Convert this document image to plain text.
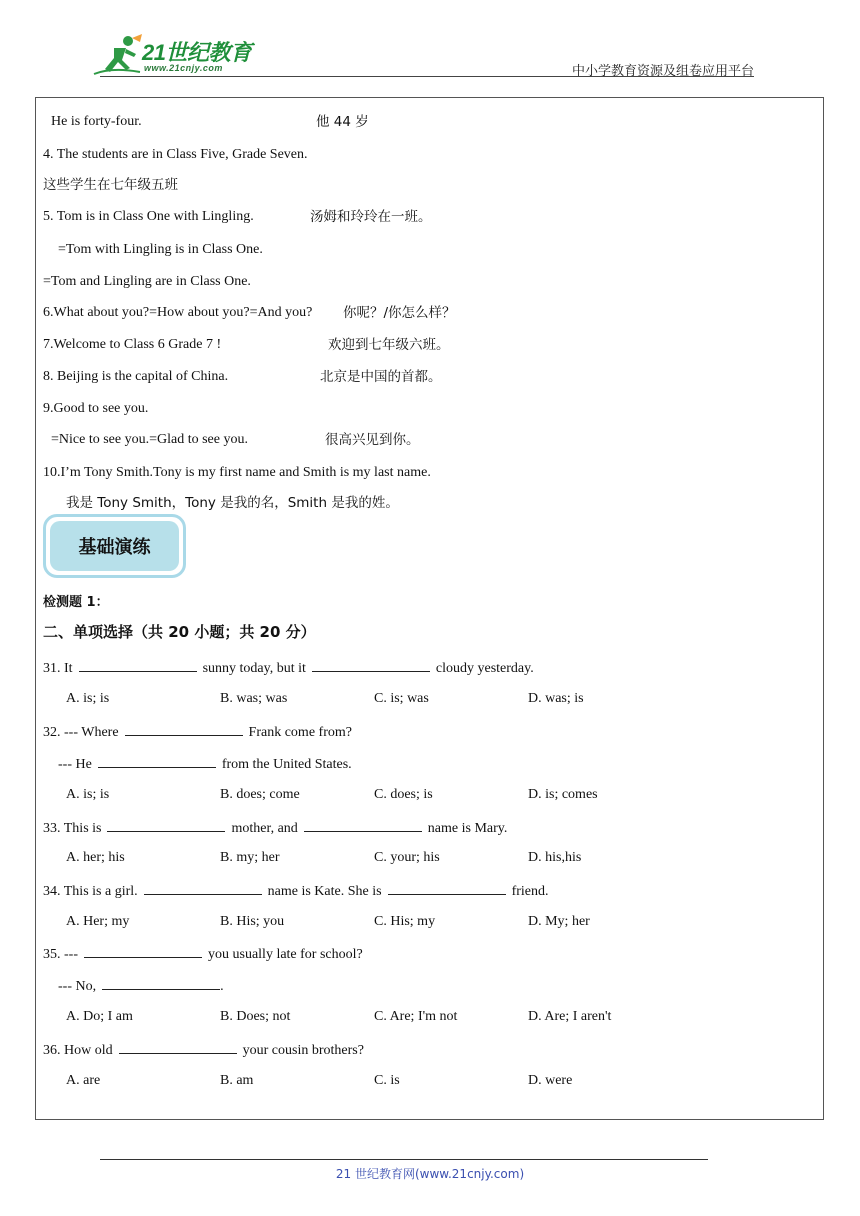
21世纪教育
www.21cnjy.com	中小学教育资源及组卷应用平台
He is forty-four.	他 44 岁
4. The students are in Class Five, Grade Seven.
这些学生在七年级五班
5. Tom is in Class One with Lingling.	汤姆和玲玲在一班。
=Tom with Lingling is in Class One.
=Tom and Lingling are in Class One.
6.What about you?=How about you?=And you? 你呢？/你怎么样？
7.Welcome to Class 6 Grade 7 !	欢迎到七年级六班。
8. Beijing is the capital of China.	北京是中国的首都。
9.Good to see you.
=Nice to see you.=Glad to see you.	很高兴见到你。
10.I’m Tony Smith.Tony is my first name and Smith is my last name.
我是 Tony Smith，Tony 是我的名，Smith 是我的姓。
基础演练
检测题 1：
二、单项选择（共 20 小题；共 20 分）
31. It	sunny today, but it	cloudy yesterday.
A. is; is	B. was; was	C. is; was	D. was; is
32. --- Where	Frank come from?
--- He	from the United States.
A. is; is	B. does; come	C. does; is	D. is; comes
33. This is	mother, and	name is Mary.
A. her; his	B. my; her	C. your; his	D. his,his
34. This is a girl.	name is Kate. She is	friend.
A. Her; my	B. His; you	C. His; my	D. My; her
35. ---	you usually late for school?
--- No,	.
A. Do; I am	B. Does; not	C. Are; I'm not	D. Are; I aren't
36. How old	your cousin brothers?
A. are	B. am	C. is	D. were
21 世纪教育网(www.21cnjy.com)
